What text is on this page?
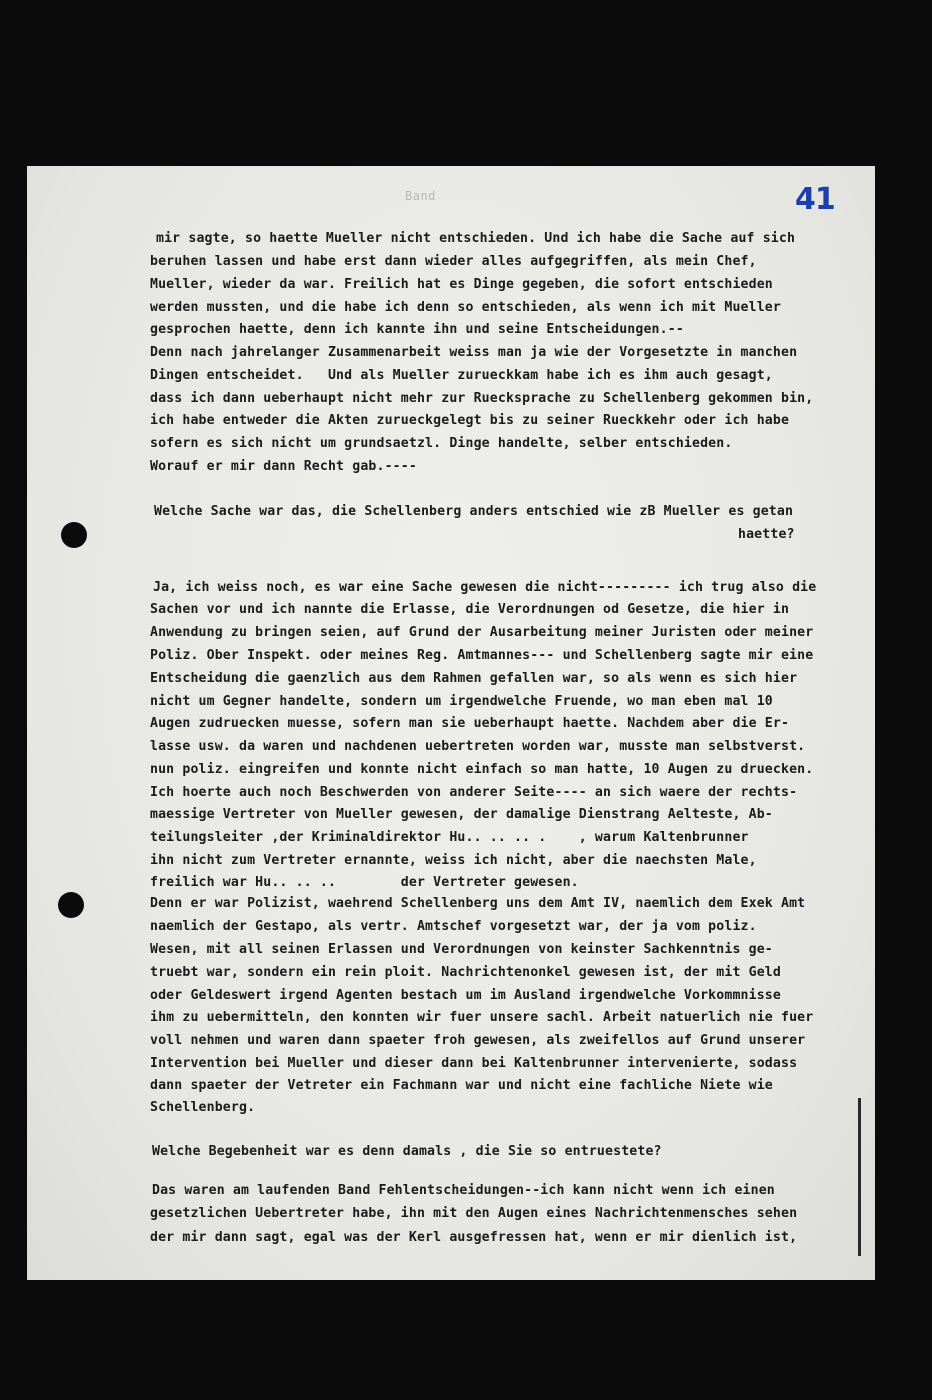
Band	41
mir sagte, so haette Mueller nicht entschieden. Und ich habe die Sache auf sich
beruhen lassen und habe erst dann wieder alles aufgegriffen, als mein Chef,
Mueller, wieder da war. Freilich hat es Dinge gegeben, die sofort entschieden
werden mussten, und die habe ich denn so entschieden, als wenn ich mit Mueller
gesprochen haette, denn ich kannte ihn und seine Entscheidungen.--
Denn nach jahrelanger Zusammenarbeit weiss man ja wie der Vorgesetzte in manchen
Dingen entscheidet.   Und als Mueller zurueckkam habe ich es ihm auch gesagt,
dass ich dann ueberhaupt nicht mehr zur Ruecksprache zu Schellenberg gekommen bin,
ich habe entweder die Akten zurueckgelegt bis zu seiner Rueckkehr oder ich habe
sofern es sich nicht um grundsaetzl. Dinge handelte, selber entschieden.
Worauf er mir dann Recht gab.----
Welche Sache war das, die Schellenberg anders entschied wie zB Mueller es getan
haette?
Ja, ich weiss noch, es war eine Sache gewesen die nicht--------- ich trug also die
Sachen vor und ich nannte die Erlasse, die Verordnungen od Gesetze, die hier in
Anwendung zu bringen seien, auf Grund der Ausarbeitung meiner Juristen oder meiner
Poliz. Ober Inspekt. oder meines Reg. Amtmannes--- und Schellenberg sagte mir eine
Entscheidung die gaenzlich aus dem Rahmen gefallen war, so als wenn es sich hier
nicht um Gegner handelte, sondern um irgendwelche Fruende, wo man eben mal 10
Augen zudruecken muesse, sofern man sie ueberhaupt haette. Nachdem aber die Er-
lasse usw. da waren und nachdenen uebertreten worden war, musste man selbstverst.
nun poliz. eingreifen und konnte nicht einfach so man hatte, 10 Augen zu druecken.
Ich hoerte auch noch Beschwerden von anderer Seite---- an sich waere der rechts-
maessige Vertreter von Mueller gewesen, der damalige Dienstrang Aelteste, Ab-
teilungsleiter ,der Kriminaldirektor Hu.. .. .. .    , warum Kaltenbrunner
ihn nicht zum Vertreter ernannte, weiss ich nicht, aber die naechsten Male,
freilich war Hu.. .. ..        der Vertreter gewesen.
Denn er war Polizist, waehrend Schellenberg uns dem Amt IV, naemlich dem Exek Amt
naemlich der Gestapo, als vertr. Amtschef vorgesetzt war, der ja vom poliz.
Wesen, mit all seinen Erlassen und Verordnungen von keinster Sachkenntnis ge-
truebt war, sondern ein rein ploit. Nachrichtenonkel gewesen ist, der mit Geld
oder Geldeswert irgend Agenten bestach um im Ausland irgendwelche Vorkommnisse
ihm zu uebermitteln, den konnten wir fuer unsere sachl. Arbeit natuerlich nie fuer
voll nehmen und waren dann spaeter froh gewesen, als zweifellos auf Grund unserer
Intervention bei Mueller und dieser dann bei Kaltenbrunner intervenierte, sodass
dann spaeter der Vetreter ein Fachmann war und nicht eine fachliche Niete wie
Schellenberg.
Welche Begebenheit war es denn damals , die Sie so entruestete?
Das waren am laufenden Band Fehlentscheidungen--ich kann nicht wenn ich einen
gesetzlichen Uebertreter habe, ihn mit den Augen eines Nachrichtenmensches sehen
der mir dann sagt, egal was der Kerl ausgefressen hat, wenn er mir dienlich ist,
